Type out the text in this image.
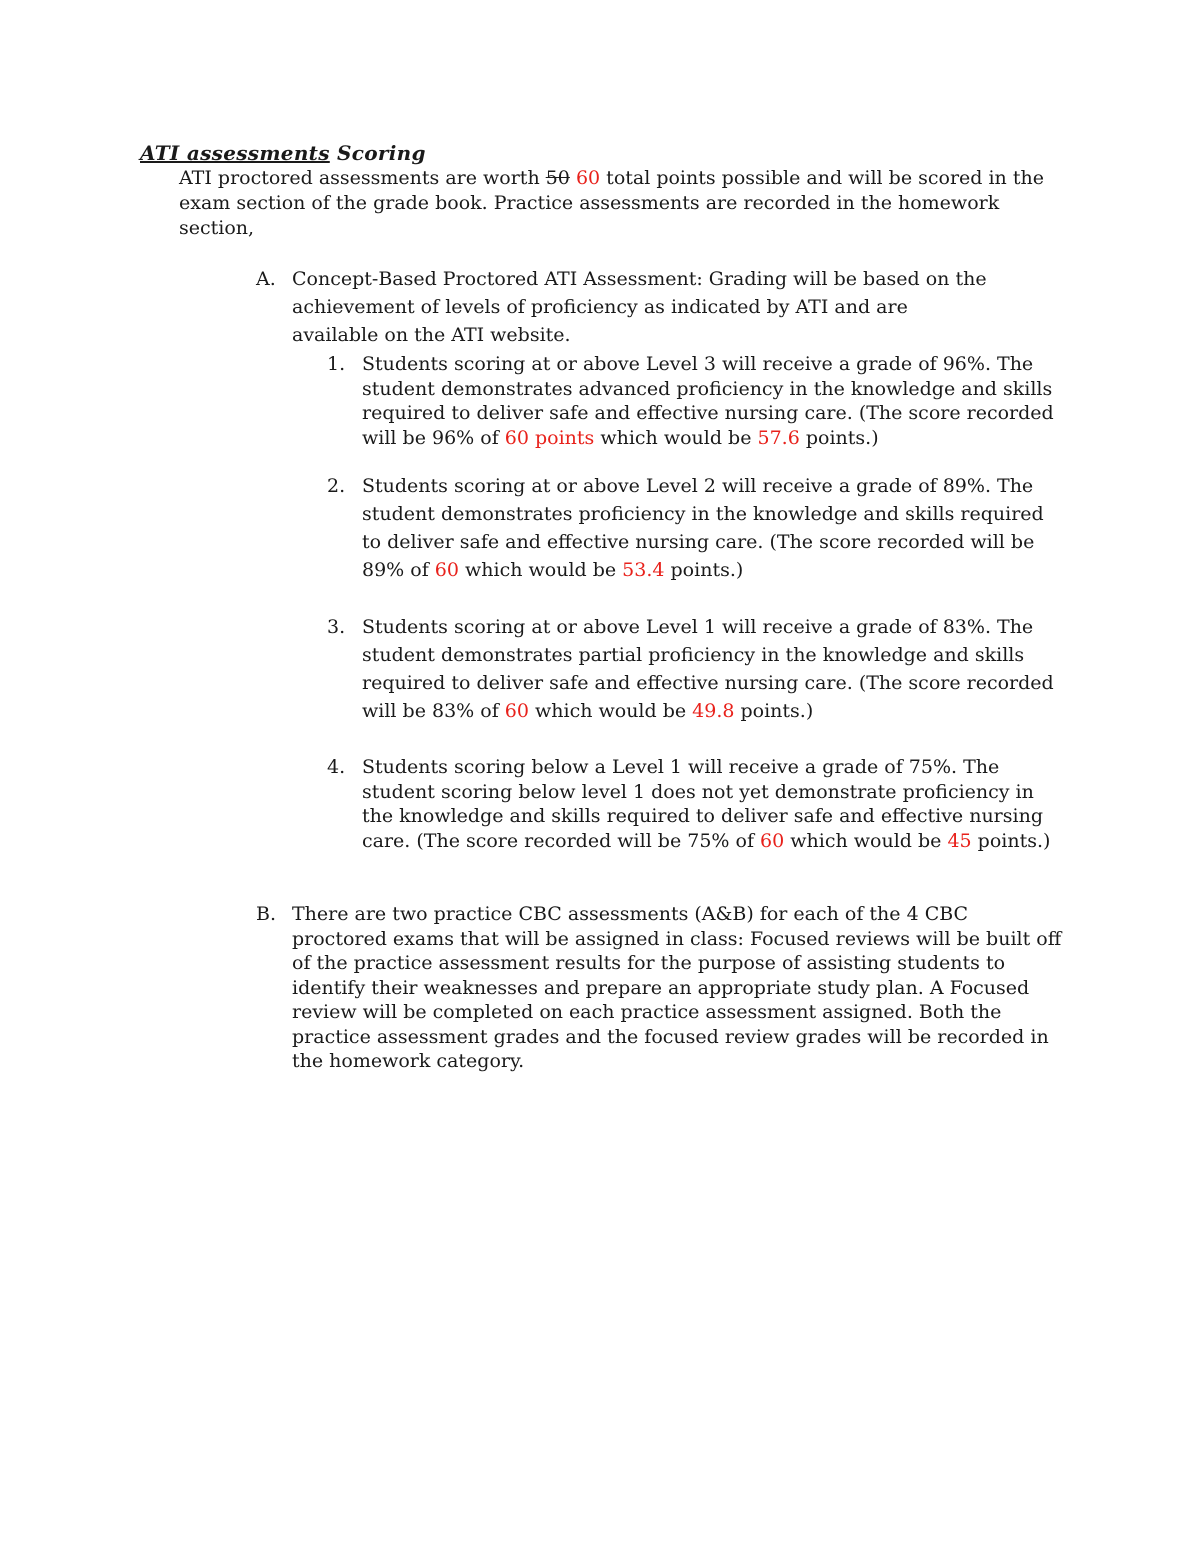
ATI assessments Scoring

ATI proctored assessments are worth 50 60 total points possible and will be scored in the exam section of the grade book. Practice assessments are recorded in the homework section,

A. Concept-Based Proctored ATI Assessment: Grading will be based on the
achievement of levels of proficiency as indicated by ATI and are
available on the ATI website.
1. Students scoring at or above Level 3 will receive a grade of 96%. The student demonstrates advanced proficiency in the knowledge and skills required to deliver safe and effective nursing care. (The score recorded will be 96% of 60 points which would be 57.6 points.)
2. Students scoring at or above Level 2 will receive a grade of 89%. The student demonstrates proficiency in the knowledge and skills required to deliver safe and effective nursing care. (The score recorded will be 89% of 60 which would be 53.4 points.)
3. Students scoring at or above Level 1 will receive a grade of 83%. The student demonstrates partial proficiency in the knowledge and skills required to deliver safe and effective nursing care. (The score recorded will be 83% of 60 which would be 49.8 points.)
4. Students scoring below a Level 1 will receive a grade of 75%. The student scoring below level 1 does not yet demonstrate proficiency in the knowledge and skills required to deliver safe and effective nursing care. (The score recorded will be 75% of 60 which would be 45 points.)
B. There are two practice CBC assessments (A&B) for each of the 4 CBC proctored exams that will be assigned in class: Focused reviews will be built off of the practice assessment results for the purpose of assisting students to identify their weaknesses and prepare an appropriate study plan. A Focused review will be completed on each practice assessment assigned. Both the practice assessment grades and the focused review grades will be recorded in the homework category.
